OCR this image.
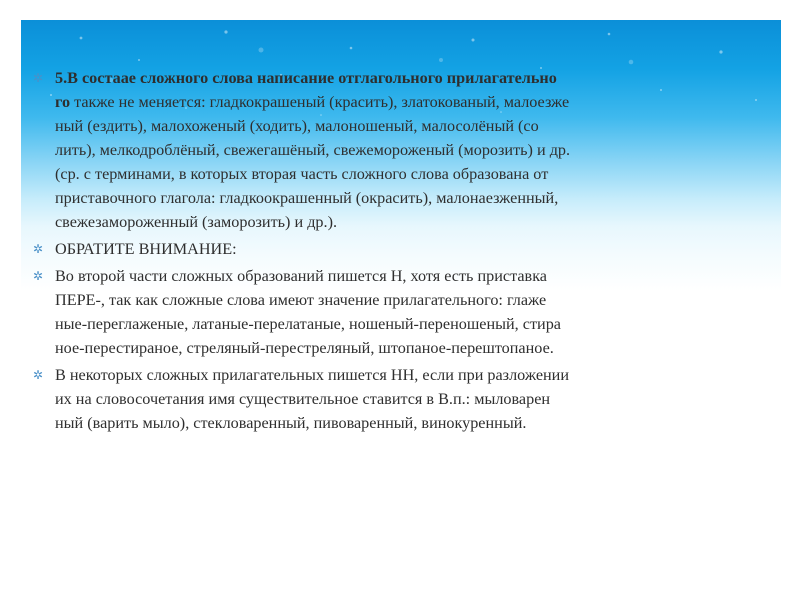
✲ 5.В состаае сложного слова написание отглагольного прилагательно
го также не меняется: гладкокрашеный (красить), златокованый, малоезже
ный (ездить), малохоженый (ходить), малоношеный, малосолёный (со
лить), мелкодроблёный, свежегашёный, свежемороженый (морозить) и др.
(ср. с терминами, в которых вторая часть сложного слова образована от
приставочного глагола: гладкоокрашенный (окрасить), малонаезженный,
свежезамороженный (заморозить) и др.).
✲ ОБРАТИТЕ ВНИМАНИЕ:
✲ Во второй части сложных образований пишется Н, хотя есть приставка
ПЕРЕ-, так как сложные слова имеют значение прилагательного: глаже
ные-переглаженые, латаные-перелатаные, ношеный-переношеный, стира
ное-перестираное, стреляный-перестреляный, штопаное-перештопаное.
✲ В некоторых сложных прилагательных пишется НН, если при разложении
их на словосочетания имя существительное ставится в В.п.: мыловарен
ный (варить мыло), стекловаренный, пивоваренный, винокуренный.
